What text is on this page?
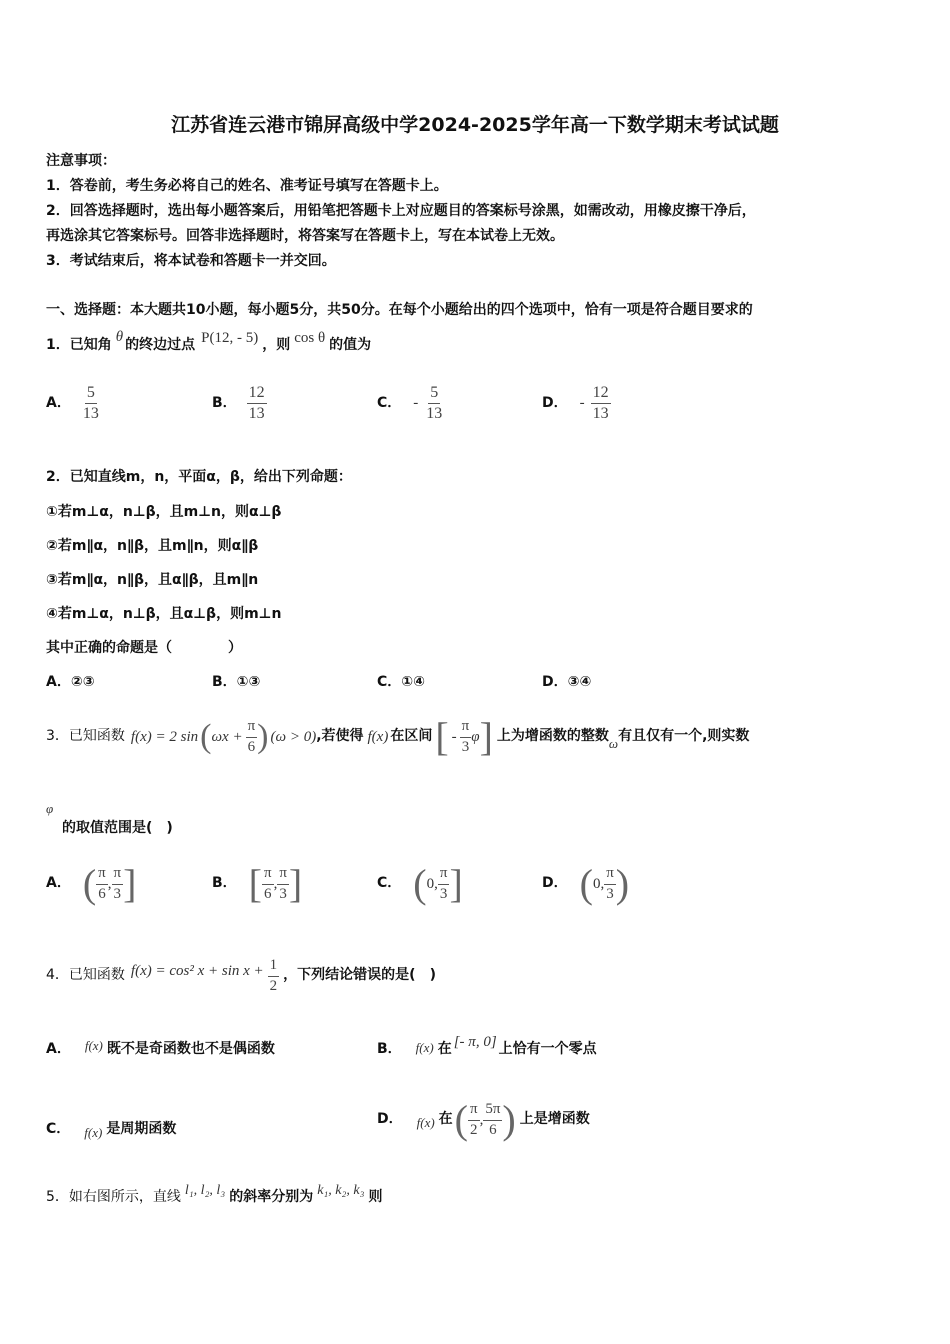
江苏省连云港市锦屏高级中学2024-2025学年高一下数学期末考试试题
注意事项：
1．答卷前，考生务必将自己的姓名、准考证号填写在答题卡上。
2．回答选择题时，选出每小题答案后，用铅笔把答题卡上对应题目的答案标号涂黑，如需改动，用橡皮擦干净后，
再选涂其它答案标号。回答非选择题时，将答案写在答题卡上，写在本试卷上无效。
3．考试结束后，将本试卷和答题卡一并交回。
一、选择题：本大题共10小题，每小题5分，共50分。在每个小题给出的四个选项中，恰有一项是符合题目要求的
1．已知角
θ
的终边过点 P(12, - 5) ，则 cos θ 的值为
A． $\frac{5}{13}$	B． $\frac{12}{13}$	C． - $\frac{5}{13}$	D． - $\frac{12}{13}$
2．已知直线m，n，平面α，β，给出下列命题：
①若m⊥α，n⊥β，且m⊥n，则α⊥β
②若m∥α，n∥β，且m∥n，则α∥β
③若m∥α，n∥β，且α∥β，且m∥n
④若m⊥α，n⊥β，且α⊥β，则m⊥n
其中正确的命题是（　　　　）
A．②③	B．①③	C．①④	D．③④
3．已知函数 f(x) = 2 sin ( $\omega x + \frac{\pi}{6}$ ) (ω > 0) ,若使得 f(x) 在区间 [ - $\frac{\pi}{3}$ φ ] 上为增函数的整数 ω 有且仅有一个,则实数
φ
的取值范围是(　)
A． ( $\frac{\pi}{6}$ , $\frac{\pi}{3}$ ]	B． [ $\frac{\pi}{6}$ , $\frac{\pi}{3}$ ]	C． ( 0 , $\frac{\pi}{3}$ ]	D． ( 0 , $\frac{\pi}{3}$ )
4．已知函数 f(x) = cos² $x + \sin x + \frac{1}{2}$ ，下列结论错误的是(　)
A． f(x) 既不是奇函数也不是偶函数	B． f(x) 在 [- π, 0] 上恰有一个零点
C． f(x) 是周期函数
D． f(x) 在 ( $\frac{\pi}{2}$ , $\frac{5\pi}{6}$ ) 上是增函数
5．如右图所示，直线 l₁, l₂, l₃ 的斜率分别为 k₁, k₂, k₃ 则
